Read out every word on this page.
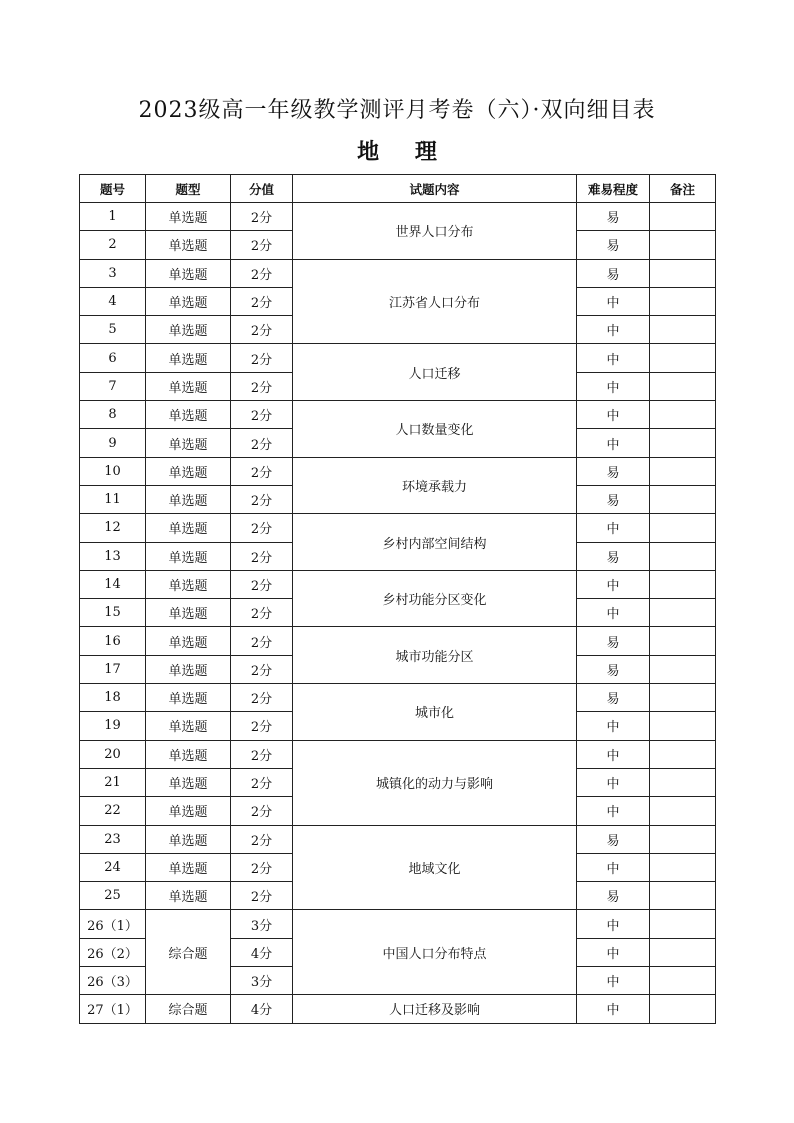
2023级高一年级教学测评月考卷（六）·双向细目表
地 理
题号	题型	分值	试题内容	难易程度	备注
1	单选题	2分	世界人口分布	易	
2	单选题	2分		易	
3	单选题	2分	江苏省人口分布	易	
4	单选题	2分		中	
5	单选题	2分		中	
6	单选题	2分	人口迁移	中	
7	单选题	2分		中	
8	单选题	2分	人口数量变化	中	
9	单选题	2分		中	
10	单选题	2分	环境承载力	易	
11	单选题	2分		易	
12	单选题	2分	乡村内部空间结构	中	
13	单选题	2分		易	
14	单选题	2分	乡村功能分区变化	中	
15	单选题	2分		中	
16	单选题	2分	城市功能分区	易	
17	单选题	2分		易	
18	单选题	2分	城市化	易	
19	单选题	2分		中	
20	单选题	2分	城镇化的动力与影响	中	
21	单选题	2分		中	
22	单选题	2分		中	
23	单选题	2分	地域文化	易	
24	单选题	2分		中	
25	单选题	2分		易	
26（1）	综合题	3分	中国人口分布特点	中	
26（2）		4分		中	
26（3）		3分		中	
27（1）	综合题	4分	人口迁移及影响	中	
